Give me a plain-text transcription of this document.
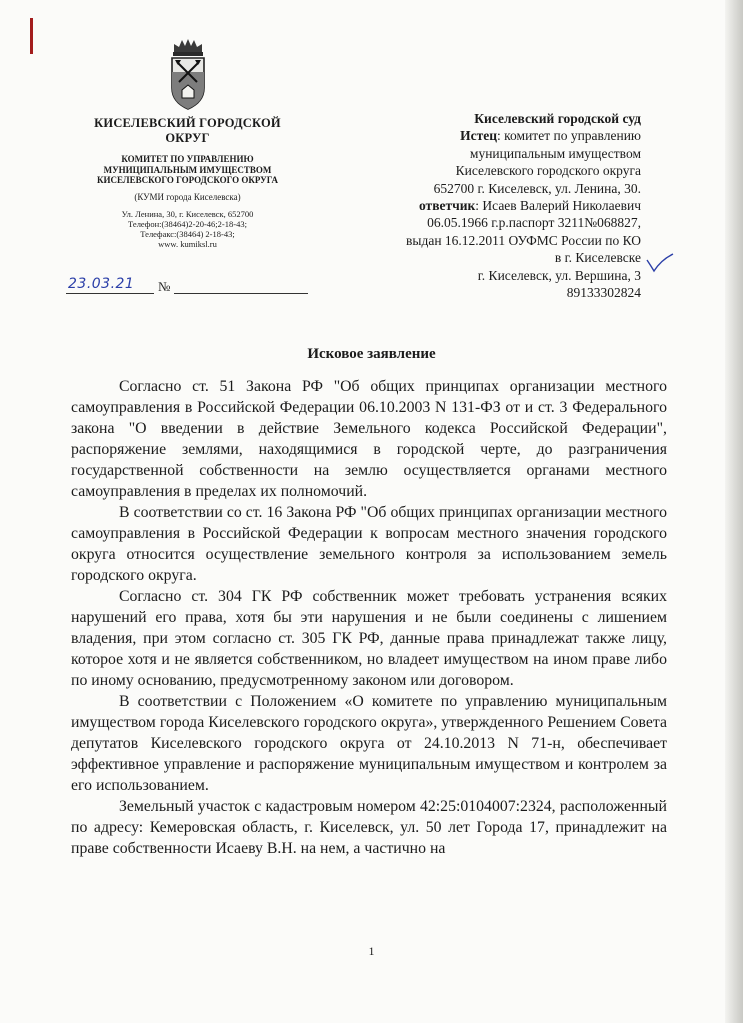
КИСЕЛЕВСКИЙ ГОРОДСКОЙ
ОКРУГ
КОМИТЕТ ПО УПРАВЛЕНИЮ
МУНИЦИПАЛЬНЫМ ИМУЩЕСТВОМ
КИСЕЛЕВСКОГО ГОРОДСКОГО ОКРУГА
(КУМИ города Киселевска)
Ул. Ленина, 30, г. Киселевск, 652700
Телефон:(38464)2-20-46;2-18-43;
Телефакс:(38464) 2-18-43;
www. kumiksl.ru
23.03.21 №
Киселевский городской суд
Истец: комитет по управлению
муниципальным имуществом
Киселевского городского округа
652700 г. Киселевск, ул. Ленина, 30.
ответчик: Исаев Валерий Николаевич
06.05.1966 г.р.паспорт 3211№068827,
выдан 16.12.2011 ОУФМС России по КО
в г. Киселевске
г. Киселевск, ул. Вершина, 3
89133302824
Исковое заявление

Согласно ст. 51 Закона РФ "Об общих принципах организации местного самоуправления в Российской Федерации 06.10.2003 N 131-ФЗ от и ст. 3 Федерального закона "О введении в действие Земельного кодекса Российской Федерации", распоряжение землями, находящимися в городской черте, до разграничения государственной собственности на землю осуществляется органами местного самоуправления в пределах их полномочий.

В соответствии со ст. 16 Закона РФ "Об общих принципах организации местного самоуправления в Российской Федерации к вопросам местного значения городского округа относится осуществление земельного контроля за использованием земель городского округа.

Согласно ст. 304 ГК РФ собственник может требовать устранения всяких нарушений его права, хотя бы эти нарушения и не были соединены с лишением владения, при этом согласно ст. 305 ГК РФ, данные права принадлежат также лицу, которое хотя и не является собственником, но владеет имуществом на ином праве либо по иному основанию, предусмотренному законом или договором.

В соответствии с Положением «О комитете по управлению муниципальным имуществом города Киселевского городского округа», утвержденного Решением Совета депутатов Киселевского городского округа от 24.10.2013 N 71-н, обеспечивает эффективное управление и распоряжение муниципальным имуществом и контролем за его использованием.

Земельный участок с кадастровым номером 42:25:0104007:2324, расположенный по адресу: Кемеровская область, г. Киселевск, ул. 50 лет Города 17, принадлежит на праве собственности Исаеву В.Н. на нем, а частично на

1
